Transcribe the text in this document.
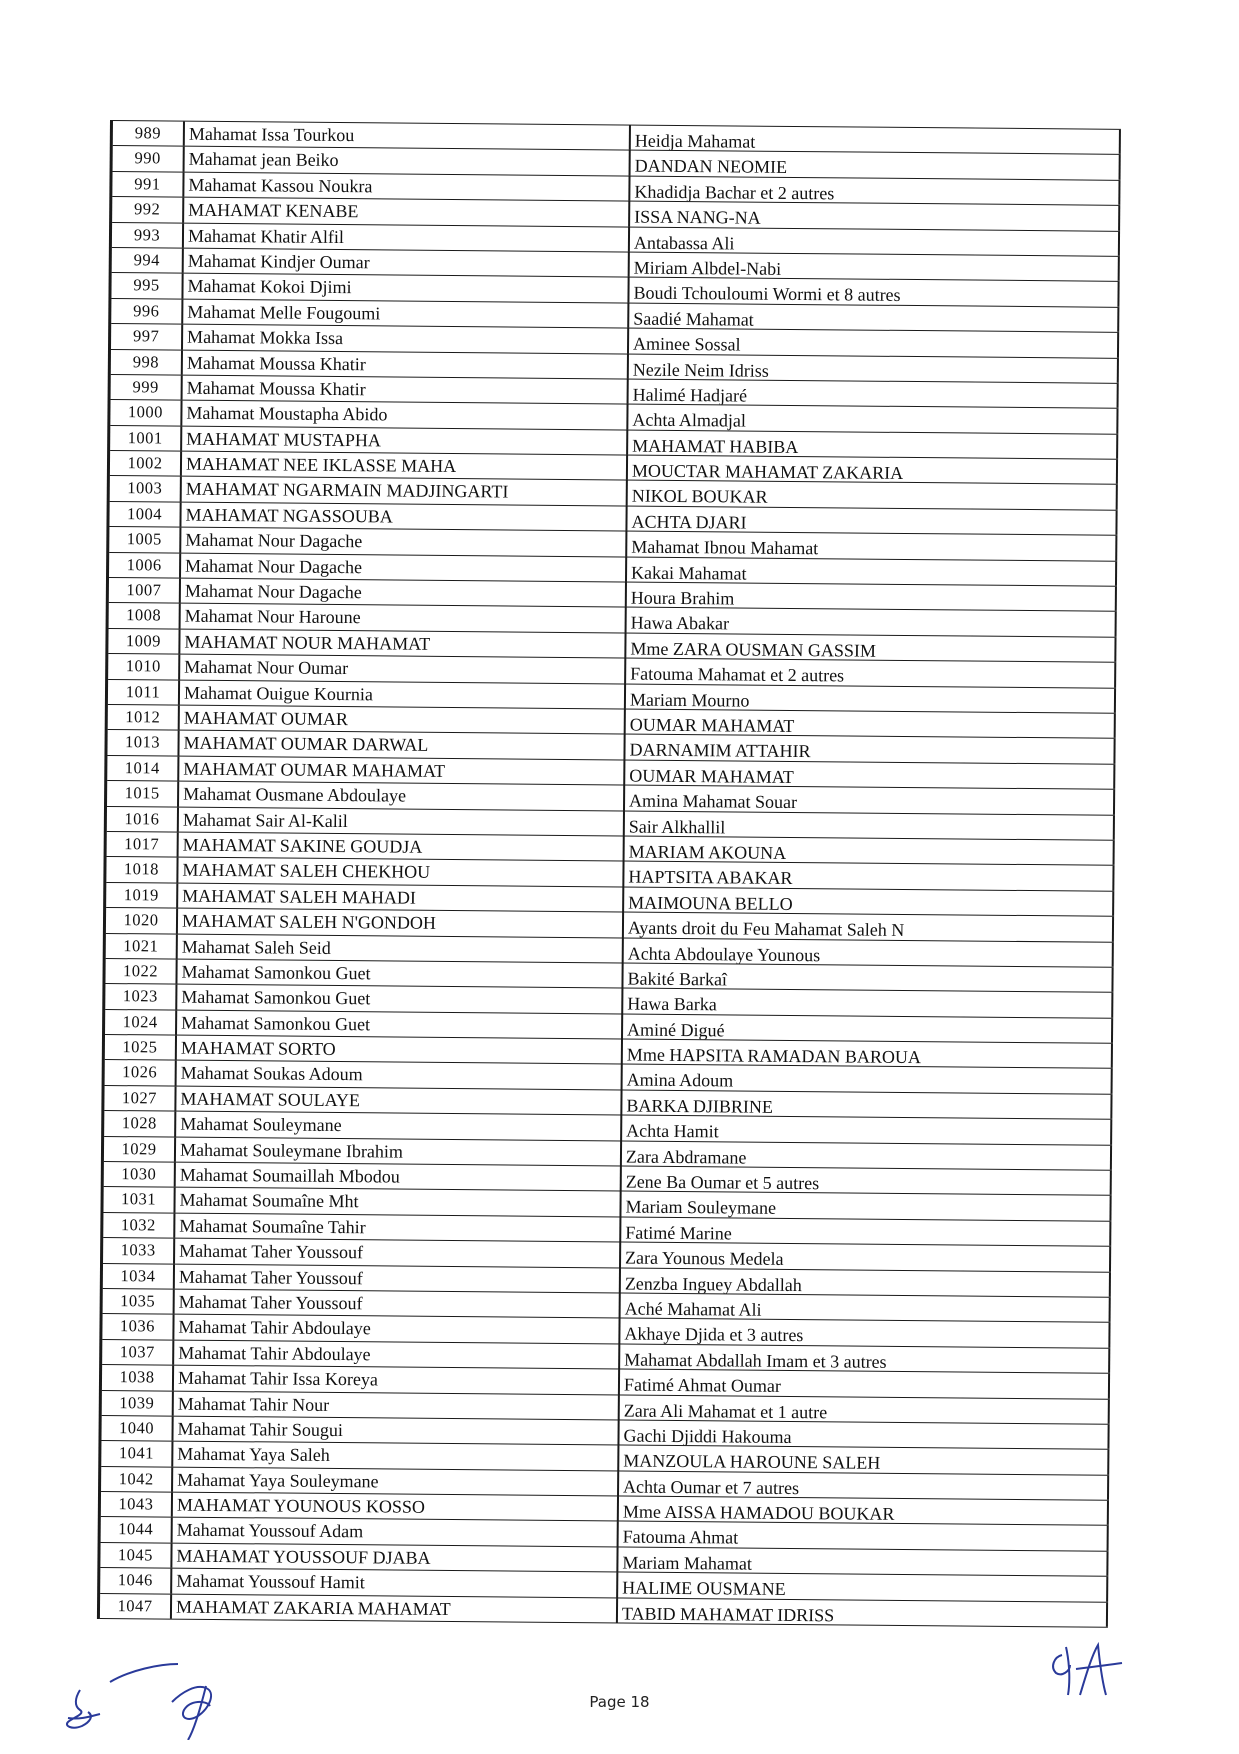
989	Mahamat Issa Tourkou	Heidja Mahamat
990	Mahamat jean Beiko	DANDAN NEOMIE
991	Mahamat Kassou Noukra	Khadidja Bachar et 2 autres
992	MAHAMAT KENABE	ISSA NANG-NA
993	Mahamat Khatir Alfil	Antabassa Ali
994	Mahamat Kindjer Oumar	Miriam Albdel-Nabi
995	Mahamat Kokoi Djimi	Boudi Tchouloumi Wormi et 8 autres
996	Mahamat Melle Fougoumi	Saadié Mahamat
997	Mahamat Mokka Issa	Aminee Sossal
998	Mahamat Moussa Khatir	Nezile Neim Idriss
999	Mahamat Moussa Khatir	Halimé Hadjaré
1000	Mahamat Moustapha Abido	Achta Almadjal
1001	MAHAMAT MUSTAPHA	MAHAMAT HABIBA
1002	MAHAMAT NEE IKLASSE MAHA	MOUCTAR MAHAMAT ZAKARIA
1003	MAHAMAT NGARMAIN MADJINGARTI	NIKOL BOUKAR
1004	MAHAMAT NGASSOUBA	ACHTA DJARI
1005	Mahamat Nour Dagache	Mahamat Ibnou Mahamat
1006	Mahamat Nour Dagache	Kakai Mahamat
1007	Mahamat Nour Dagache	Houra Brahim
1008	Mahamat Nour Haroune	Hawa Abakar
1009	MAHAMAT NOUR MAHAMAT	Mme ZARA OUSMAN GASSIM
1010	Mahamat Nour Oumar	Fatouma Mahamat et 2 autres
1011	Mahamat Ouigue Kournia	Mariam Mourno
1012	MAHAMAT OUMAR	OUMAR MAHAMAT
1013	MAHAMAT OUMAR DARWAL	DARNAMIM ATTAHIR
1014	MAHAMAT OUMAR MAHAMAT	OUMAR MAHAMAT
1015	Mahamat Ousmane Abdoulaye	Amina Mahamat Souar
1016	Mahamat Sair Al-Kalil	Sair Alkhallil
1017	MAHAMAT SAKINE GOUDJA	MARIAM AKOUNA
1018	MAHAMAT SALEH CHEKHOU	HAPTSITA ABAKAR
1019	MAHAMAT SALEH MAHADI	MAIMOUNA BELLO
1020	MAHAMAT SALEH N'GONDOH	Ayants droit du Feu Mahamat Saleh N
1021	Mahamat Saleh Seid	Achta Abdoulaye Younous
1022	Mahamat Samonkou Guet	Bakité Barkaî
1023	Mahamat Samonkou Guet	Hawa Barka
1024	Mahamat Samonkou Guet	Aminé Digué
1025	MAHAMAT SORTO	Mme HAPSITA RAMADAN BAROUA
1026	Mahamat Soukas Adoum	Amina Adoum
1027	MAHAMAT SOULAYE	BARKA DJIBRINE
1028	Mahamat Souleymane	Achta Hamit
1029	Mahamat Souleymane Ibrahim	Zara Abdramane
1030	Mahamat Soumaillah Mbodou	Zene Ba Oumar et 5 autres
1031	Mahamat Soumaîne Mht	Mariam Souleymane
1032	Mahamat Soumaîne Tahir	Fatimé Marine
1033	Mahamat Taher Youssouf	Zara Younous Medela
1034	Mahamat Taher Youssouf	Zenzba Inguey Abdallah
1035	Mahamat Taher Youssouf	Aché Mahamat Ali
1036	Mahamat Tahir Abdoulaye	Akhaye Djida et 3 autres
1037	Mahamat Tahir Abdoulaye	Mahamat Abdallah Imam et 3 autres
1038	Mahamat Tahir Issa Koreya	Fatimé Ahmat Oumar
1039	Mahamat Tahir Nour	Zara Ali Mahamat et 1 autre
1040	Mahamat Tahir Sougui	Gachi Djiddi Hakouma
1041	Mahamat Yaya Saleh	MANZOULA HAROUNE SALEH
1042	Mahamat Yaya Souleymane	Achta Oumar et 7 autres
1043	MAHAMAT YOUNOUS KOSSO	Mme AISSA HAMADOU BOUKAR
1044	Mahamat Youssouf Adam	Fatouma Ahmat
1045	MAHAMAT YOUSSOUF DJABA	Mariam Mahamat
1046	Mahamat Youssouf Hamit	HALIME OUSMANE
1047	MAHAMAT ZAKARIA MAHAMAT	TABID MAHAMAT IDRISS
Page 18
